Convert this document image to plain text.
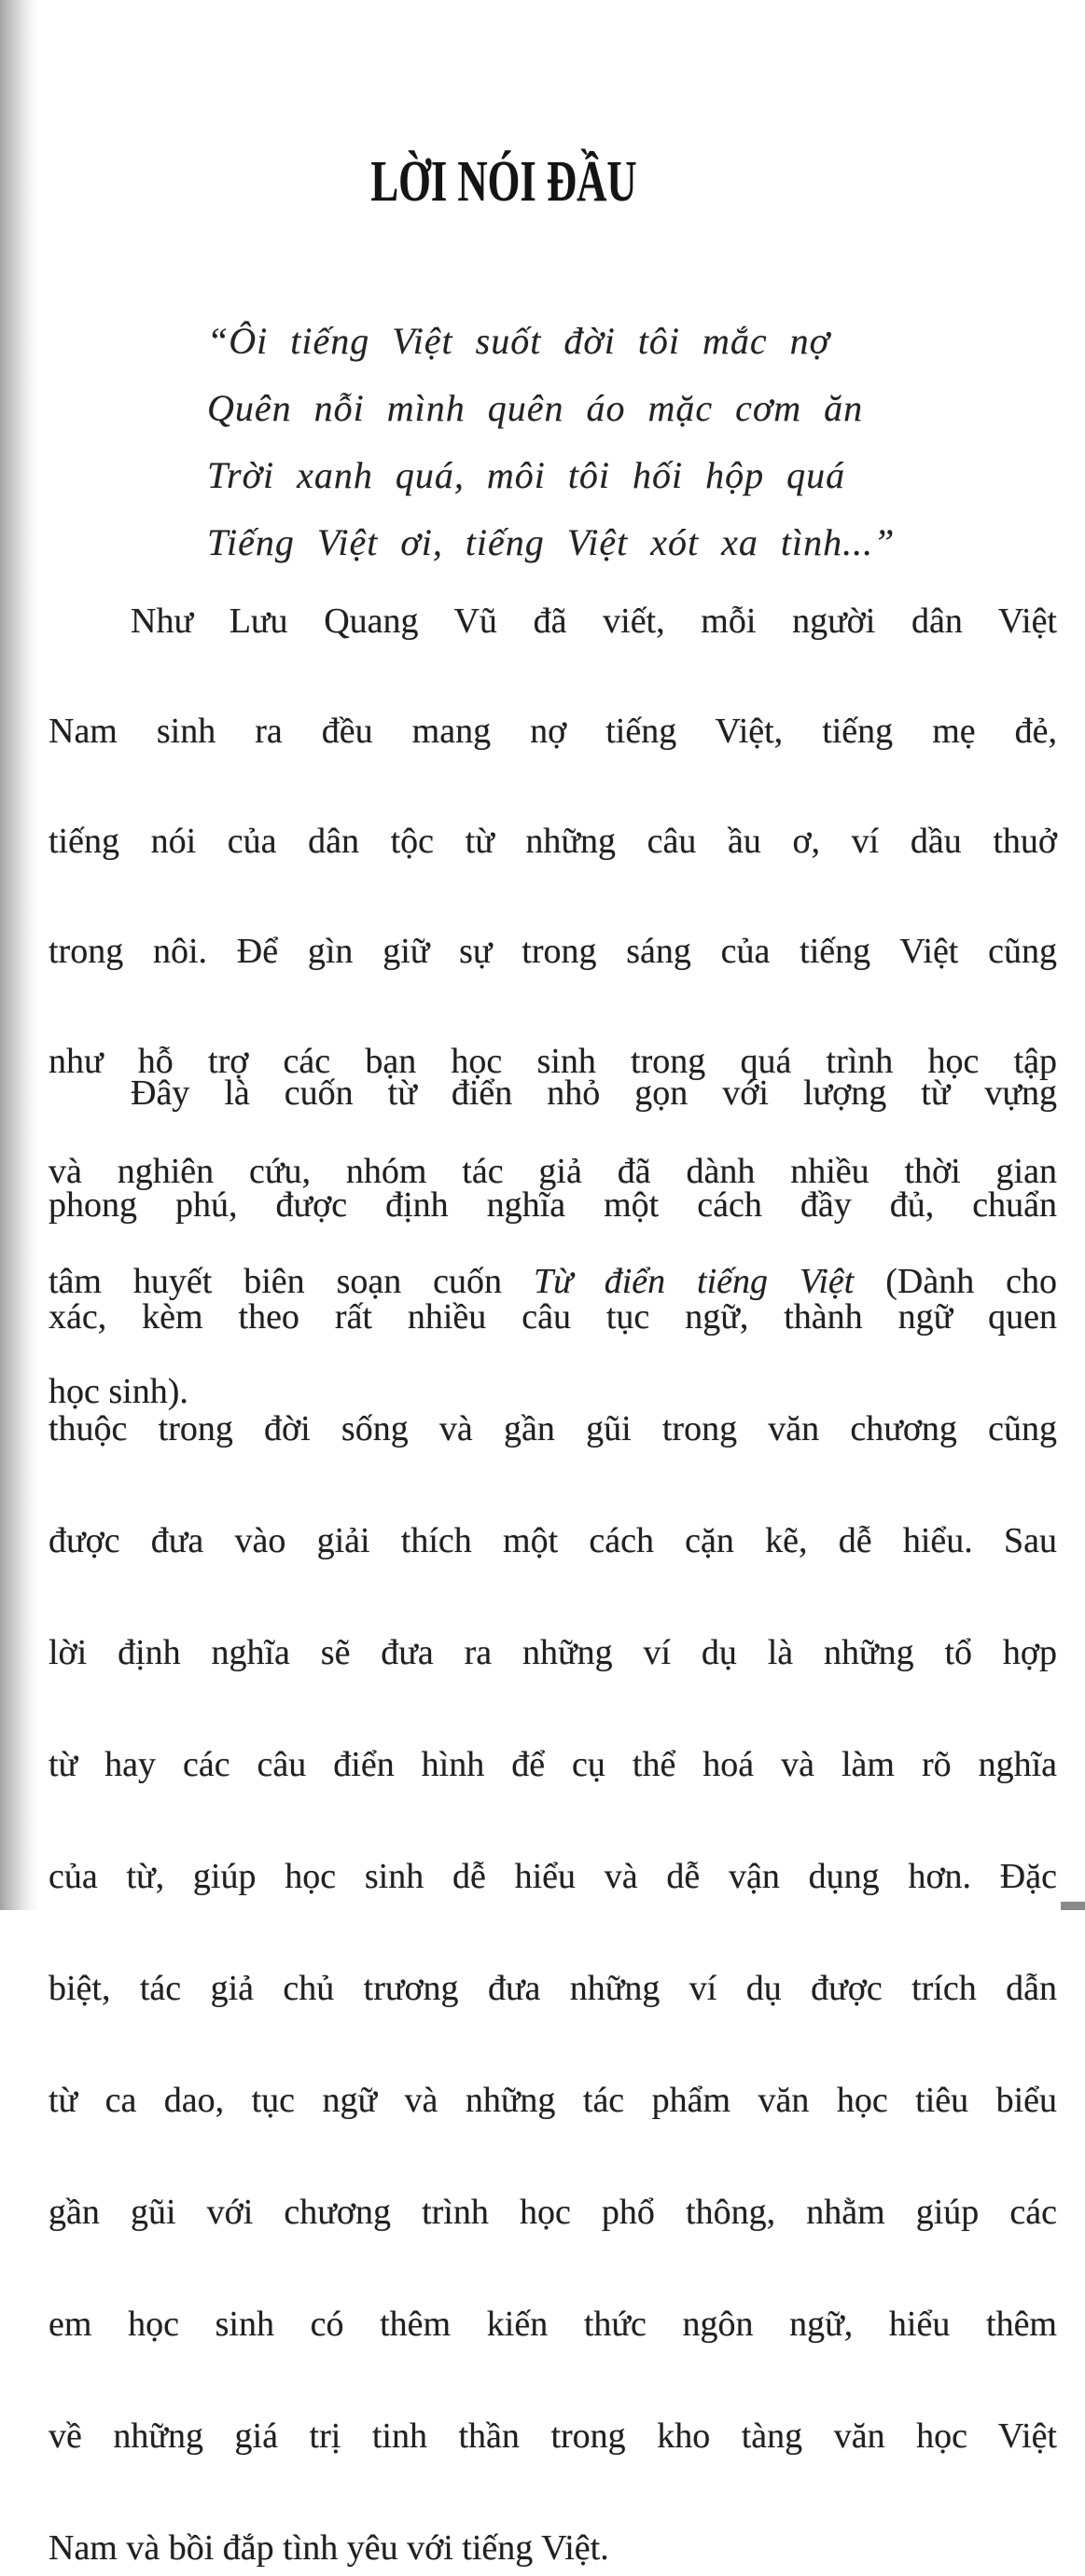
LỜI NÓI ĐẦU
“Ôi tiếng Việt suốt đời tôi mắc nợ
Quên nỗi mình quên áo mặc cơm ăn
Trời xanh quá, môi tôi hối hộp quá
Tiếng Việt ơi, tiếng Việt xót xa tình...”
Như Lưu Quang Vũ đã viết, mỗi người dân Việt
Nam sinh ra đều mang nợ tiếng Việt, tiếng mẹ đẻ,
tiếng nói của dân tộc từ những câu ầu ơ, ví dầu thuở
trong nôi. Để gìn giữ sự trong sáng của tiếng Việt cũng
như hỗ trợ các bạn học sinh trong quá trình học tập
và nghiên cứu, nhóm tác giả đã dành nhiều thời gian
tâm huyết biên soạn cuốn Từ điển tiếng Việt (Dành cho
học sinh).
Đây là cuốn từ điển nhỏ gọn với lượng từ vựng
phong phú, được định nghĩa một cách đầy đủ, chuẩn
xác, kèm theo rất nhiều câu tục ngữ, thành ngữ quen
thuộc trong đời sống và gần gũi trong văn chương cũng
được đưa vào giải thích một cách cặn kẽ, dễ hiểu. Sau
lời định nghĩa sẽ đưa ra những ví dụ là những tổ hợp
từ hay các câu điển hình để cụ thể hoá và làm rõ nghĩa
của từ, giúp học sinh dễ hiểu và dễ vận dụng hơn. Đặc
biệt, tác giả chủ trương đưa những ví dụ được trích dẫn
từ ca dao, tục ngữ và những tác phẩm văn học tiêu biểu
gần gũi với chương trình học phổ thông, nhằm giúp các
em học sinh có thêm kiến thức ngôn ngữ, hiểu thêm
về những giá trị tinh thần trong kho tàng văn học Việt
Nam và bồi đắp tình yêu với tiếng Việt.
